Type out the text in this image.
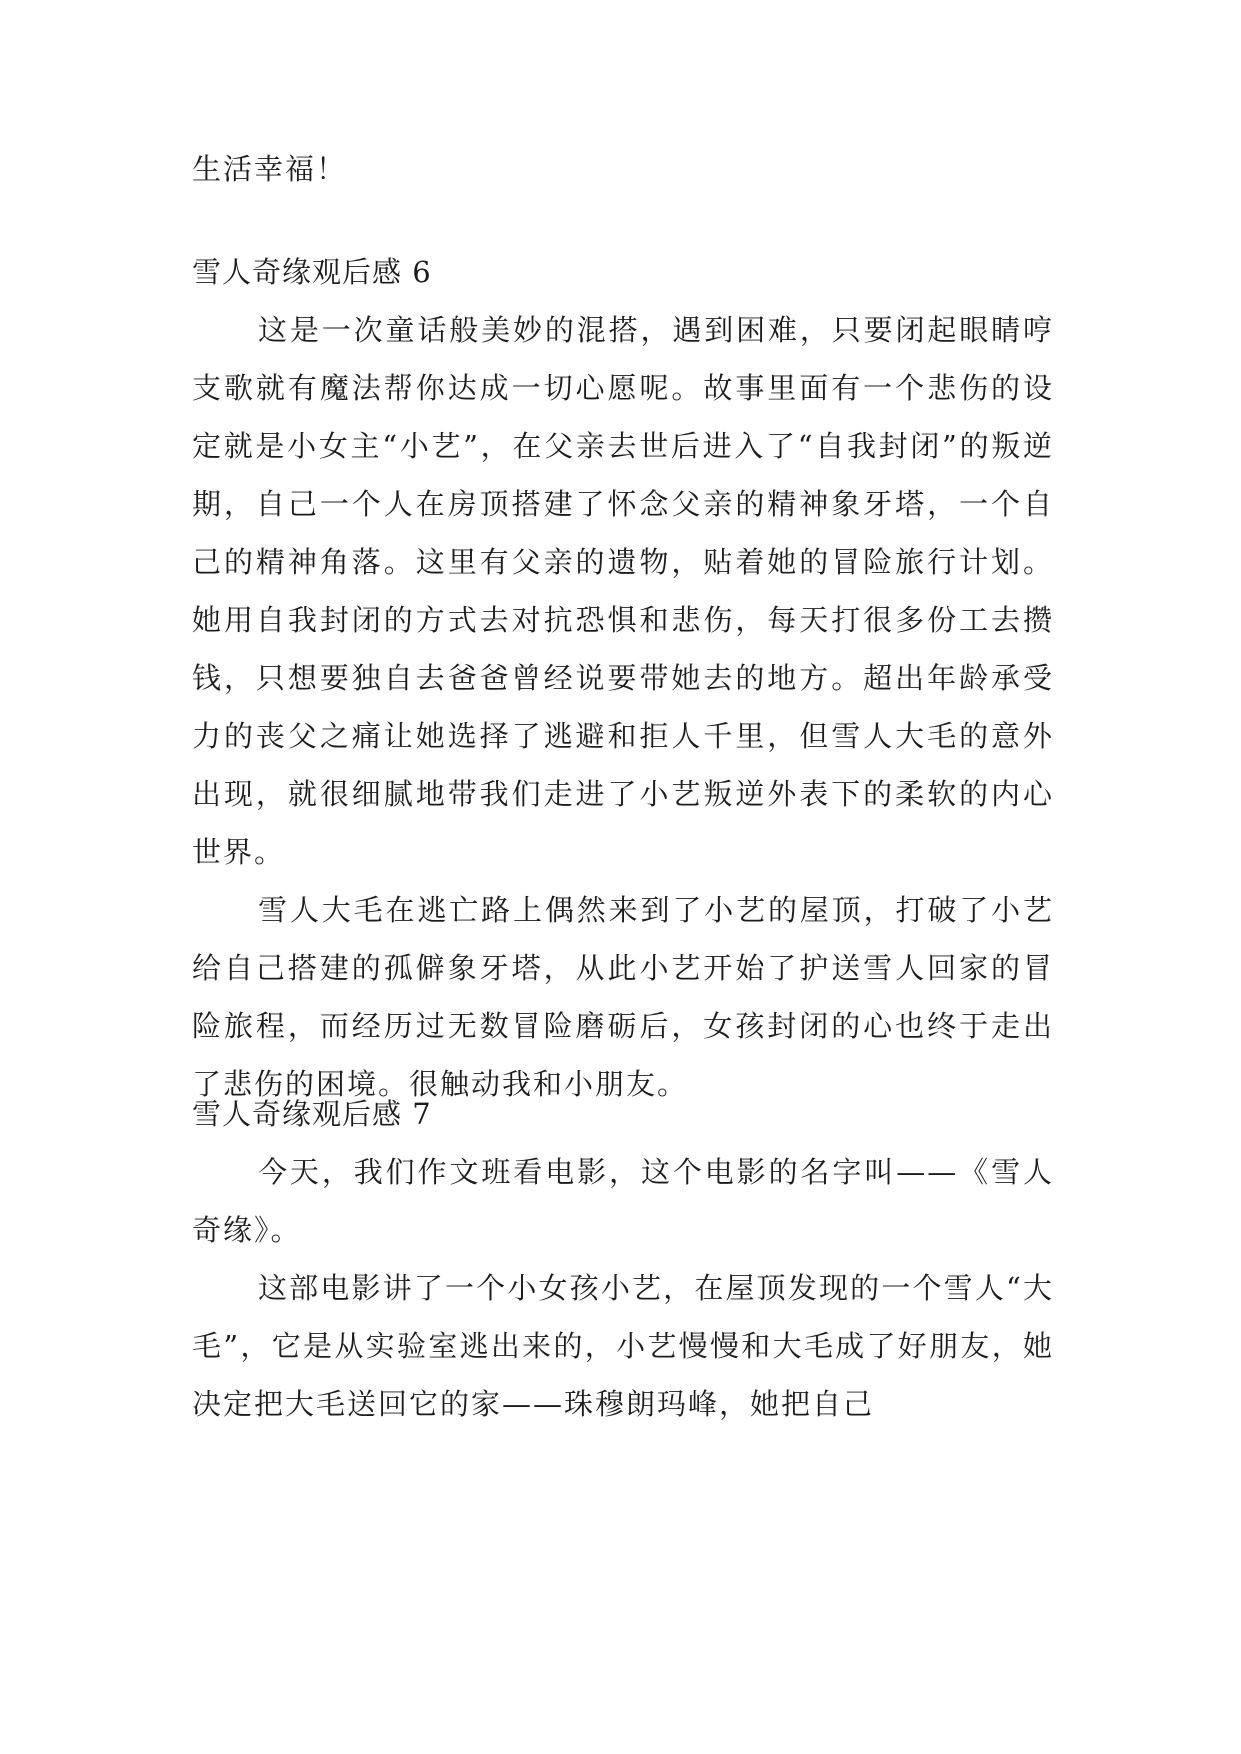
生活幸福！

雪人奇缘观后感 6

这是一次童话般美妙的混搭，遇到困难，只要闭起眼睛哼支歌就有魔法帮你达成一切心愿呢。故事里面有一个悲伤的设定就是小女主“小艺”，在父亲去世后进入了“自我封闭”的叛逆期，自己一个人在房顶搭建了怀念父亲的精神象牙塔，一个自己的精神角落。这里有父亲的遗物，贴着她的冒险旅行计划。她用自我封闭的方式去对抗恐惧和悲伤，每天打很多份工去攒钱，只想要独自去爸爸曾经说要带她去的地方。超出年龄承受力的丧父之痛让她选择了逃避和拒人千里，但雪人大毛的意外出现，就很细腻地带我们走进了小艺叛逆外表下的柔软的内心世界。

雪人大毛在逃亡路上偶然来到了小艺的屋顶，打破了小艺给自己搭建的孤僻象牙塔，从此小艺开始了护送雪人回家的冒险旅程，而经历过无数冒险磨砺后，女孩封闭的心也终于走出了悲伤的困境。很触动我和小朋友。

雪人奇缘观后感 7

今天，我们作文班看电影，这个电影的名字叫——《雪人奇缘》。

这部电影讲了一个小女孩小艺，在屋顶发现的一个雪人“大毛”，它是从实验室逃出来的，小艺慢慢和大毛成了好朋友，她决定把大毛送回它的家——珠穆朗玛峰，她把自己
